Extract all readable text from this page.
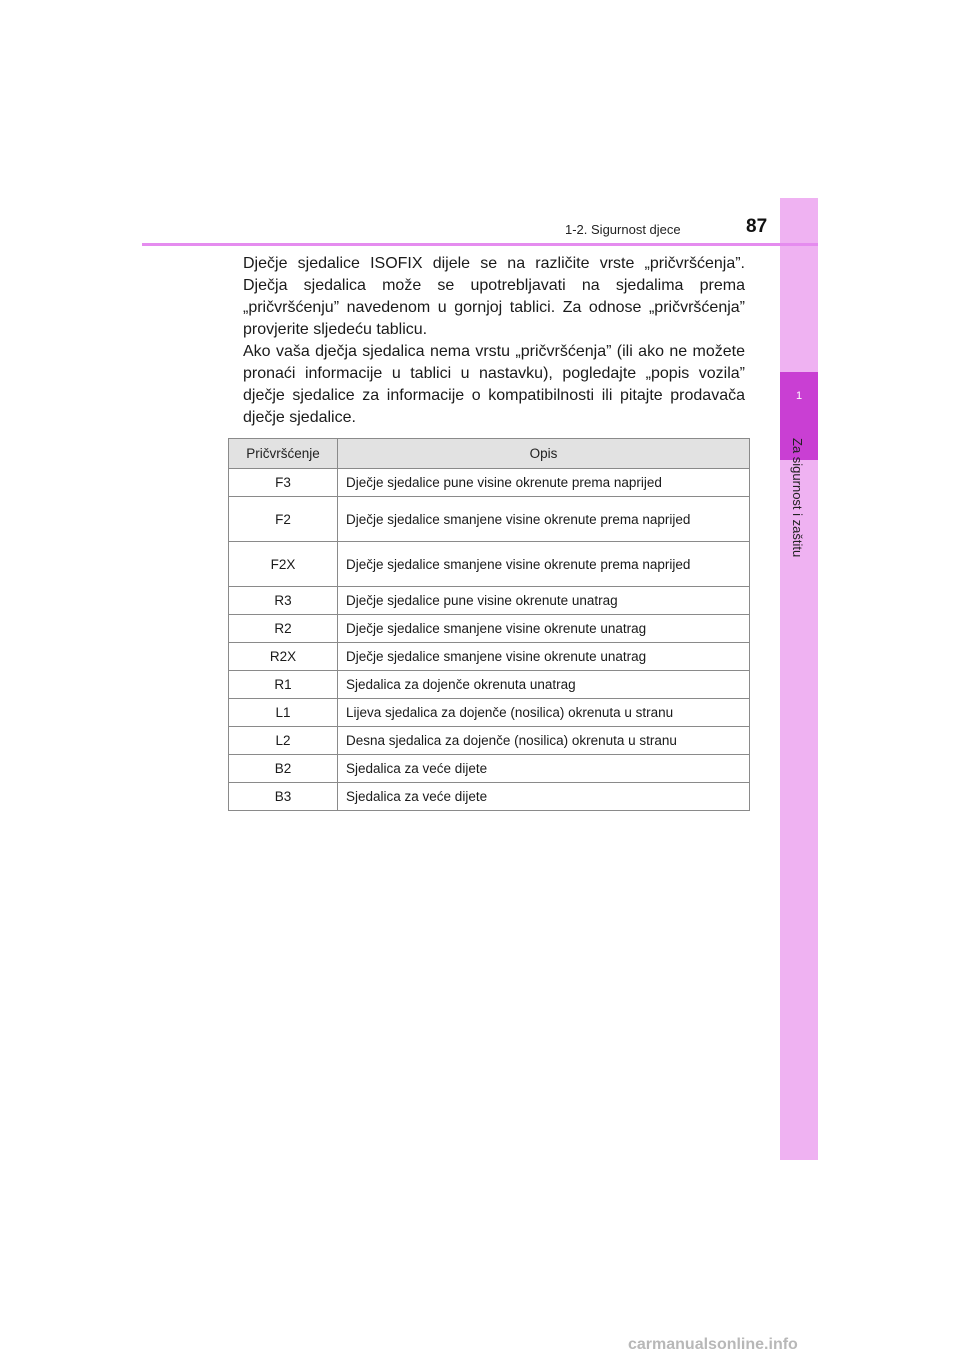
1
Za sigurnost i zaštitu
1-2. Sigurnost djece	87

Dječje sjedalice ISOFIX dijele se na različite vrste „pričvršćenja”. Dječja sjedalica može se upotrebljavati na sjedalima prema „pričvršćenju” navedenom u gornjoj tablici. Za odnose „pričvršćenja” provjerite sljedeću tablicu.

Ako vaša dječja sjedalica nema vrstu „pričvršćenja” (ili ako ne možete pronaći informacije u tablici u nastavku), pogledajte „popis vozila” dječje sjedalice za informacije o kompatibilnosti ili pitajte prodavača dječje sjedalice.

Pričvršćenje	Opis
F3	Dječje sjedalice pune visine okrenute prema naprijed
F2	Dječje sjedalice smanjene visine okrenute prema naprijed
F2X	Dječje sjedalice smanjene visine okrenute prema naprijed
R3	Dječje sjedalice pune visine okrenute unatrag
R2	Dječje sjedalice smanjene visine okrenute unatrag
R2X	Dječje sjedalice smanjene visine okrenute unatrag
R1	Sjedalica za dojenče okrenuta unatrag
L1	Lijeva sjedalica za dojenče (nosilica) okrenuta u stranu
L2	Desna sjedalica za dojenče (nosilica) okrenuta u stranu
B2	Sjedalica za veće dijete
B3	Sjedalica za veće dijete
carmanualsonline.info
